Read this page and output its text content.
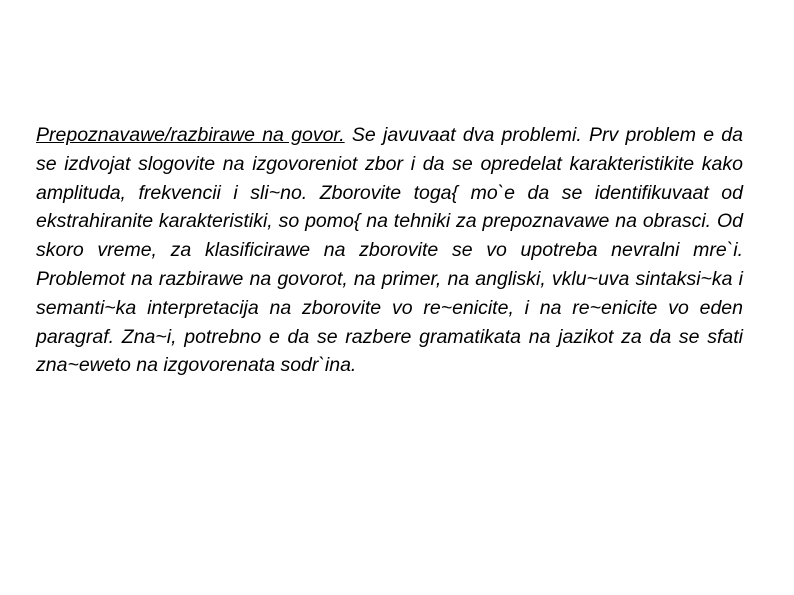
Prepoznavawe/razbirawe na govor. Se javuvaat dva problemi. Prv problem e da se izdvojat slogovite na izgovoreniot zbor i da se opredelat karakteristikite kako amplituda, frekvencii i sli~no. Zborovite toga{ mo`e da se identifikuvaat od ekstrahiranite karakteristiki, so pomo{ na tehniki za prepoznavawe na obrasci. Od skoro vreme, za klasificirawe na zborovite se vo upotreba nevralni mre`i. Problemot na razbirawe na govorot, na primer, na angliski, vklu~uva sintaksi~ka i semanti~ka interpretacija na zborovite vo re~enicite, i na re~enicite vo eden paragraf. Zna~i, potrebno e da se razbere gramatikata na jazikot za da se sfati zna~eweto na izgovorenata sodr`ina.
